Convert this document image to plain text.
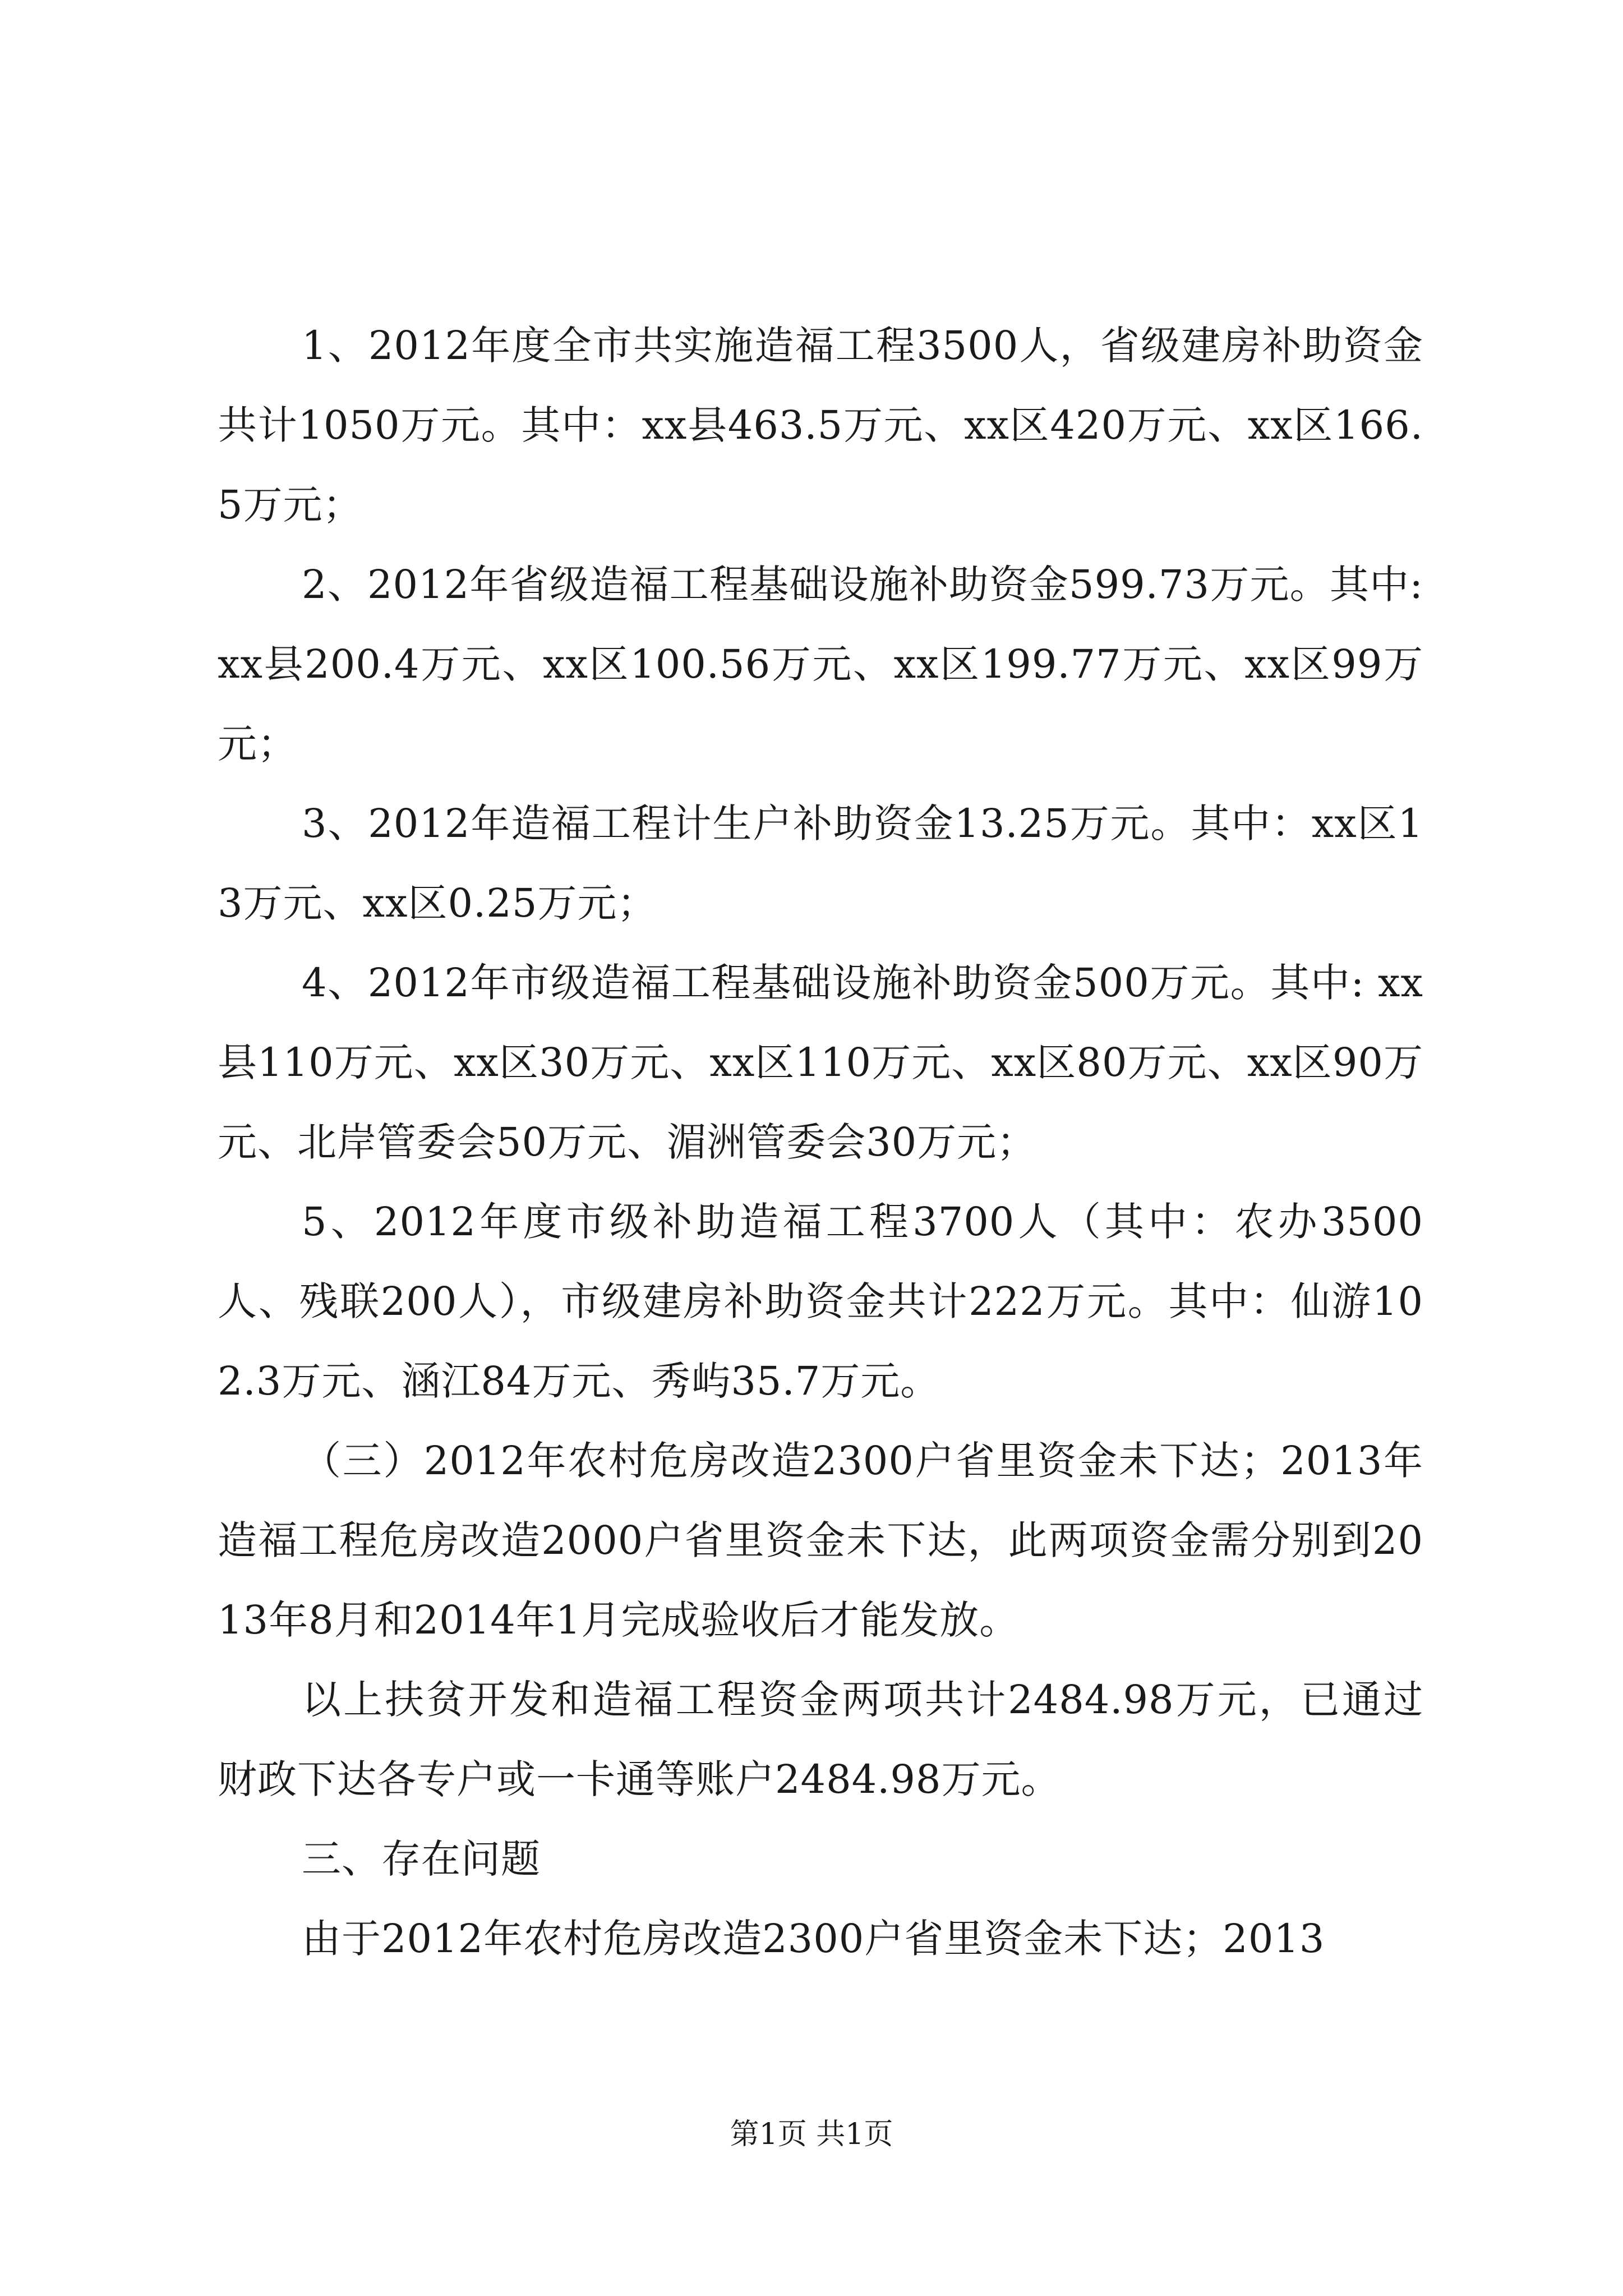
1、2012年度全市共实施造福工程3500人，省级建房补助资金共计1050万元。其中：xx县463.5万元、xx区420万元、xx区166.5万元；

2、2012年省级造福工程基础设施补助资金599.73万元。其中: xx县200.4万元、xx区100.56万元、xx区199.77万元、xx区99万元；

3、2012年造福工程计生户补助资金13.25万元。其中：xx区13万元、xx区0.25万元；

4、2012年市级造福工程基础设施补助资金500万元。其中: xx县110万元、xx区30万元、xx区110万元、xx区80万元、xx区90万元、北岸管委会50万元、湄洲管委会30万元；

5、2012年度市级补助造福工程3700人（其中：农办3500人、残联200人），市级建房补助资金共计222万元。其中：仙游102.3万元、涵江84万元、秀屿35.7万元。

（三）2012年农村危房改造2300户省里资金未下达；2013年造福工程危房改造2000户省里资金未下达，此两项资金需分别到2013年8月和2014年1月完成验收后才能发放。

以上扶贫开发和造福工程资金两项共计2484.98万元，已通过财政下达各专户或一卡通等账户2484.98万元。

三、存在问题

由于2012年农村危房改造2300户省里资金未下达；2013

第1页 共1页
